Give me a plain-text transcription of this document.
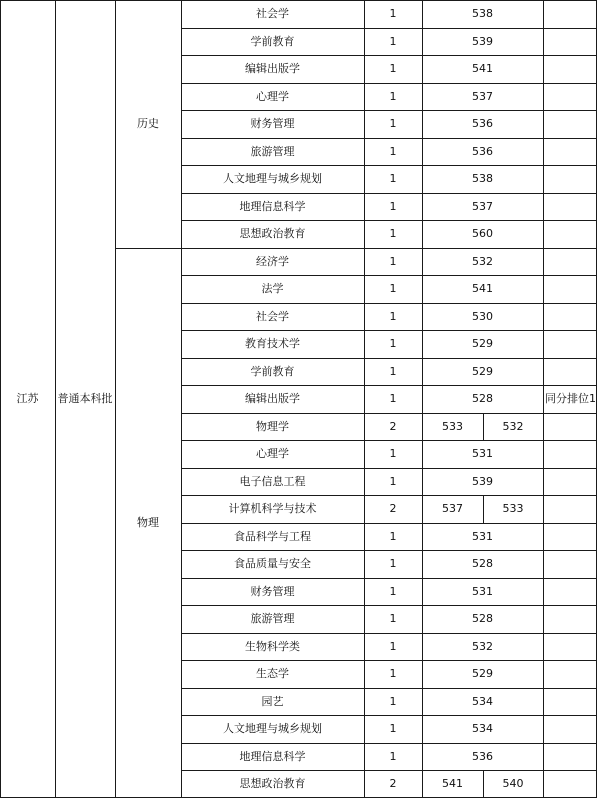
江苏	普通本科批
历史
社会学	1	538
学前教育	1	539
编辑出版学	1	541
心理学	1	537
财务管理	1	536
旅游管理	1	536
人文地理与城乡规划	1	538
地理信息科学	1	537
思想政治教育	1	560
物理
经济学	1	532
法学	1	541
社会学	1	530
教育技术学	1	529
学前教育	1	529
编辑出版学	1	528	同分排位1
物理学	2	533	532
心理学	1	531
电子信息工程	1	539
计算机科学与技术	2	537	533
食品科学与工程	1	531
食品质量与安全	1	528
财务管理	1	531
旅游管理	1	528
生物科学类	1	532
生态学	1	529
园艺	1	534
人文地理与城乡规划	1	534
地理信息科学	1	536
思想政治教育	2	541	540
